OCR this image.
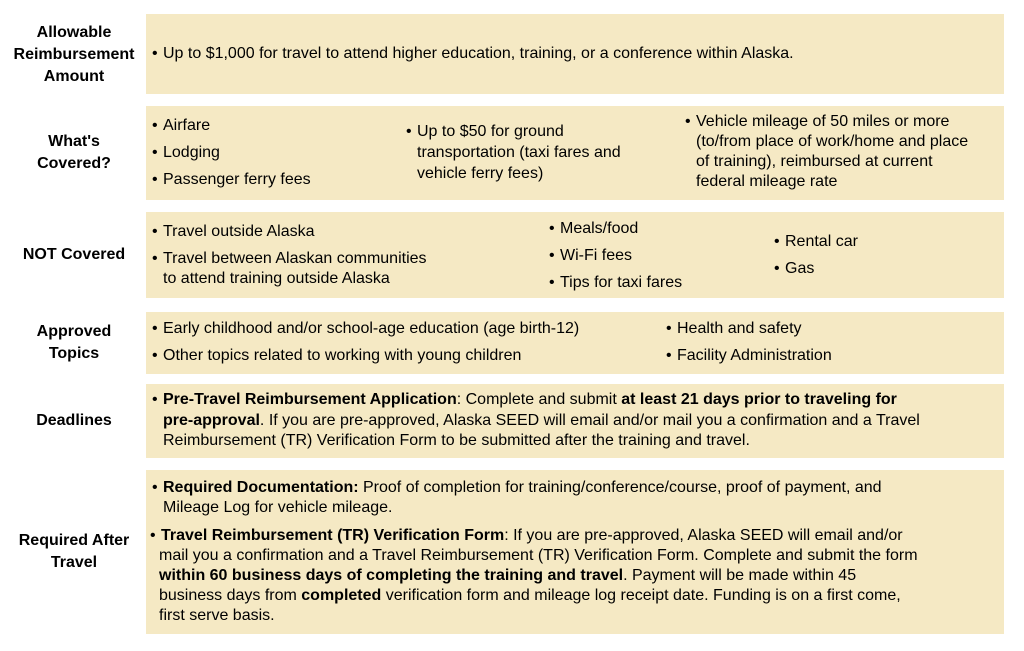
Allowable
Reimbursement
Amount
• Up to $1,000 for travel to attend higher education, training, or a conference within Alaska.
What's
Covered?
• Airfare
• Lodging
• Passenger ferry fees
• Up to $50 for ground
transportation (taxi fares and
vehicle ferry fees)
• Vehicle mileage of 50 miles or more
(to/from place of work/home and place
of training), reimbursed at current
federal mileage rate
NOT Covered
• Travel outside Alaska
• Travel between Alaskan communities
to attend training outside Alaska
• Meals/food
• Wi-Fi fees
• Tips for taxi fares
• Rental car
• Gas
Approved
Topics
• Early childhood and/or school-age education (age birth-12)
• Other topics related to working with young children
• Health and safety
• Facility Administration
Deadlines
• Pre-Travel Reimbursement Application: Complete and submit at least 21 days prior to traveling for
pre-approval. If you are pre-approved, Alaska SEED will email and/or mail you a confirmation and a Travel
Reimbursement (TR) Verification Form to be submitted after the training and travel.
Required After
Travel
• Required Documentation: Proof of completion for training/conference/course, proof of payment, and
Mileage Log for vehicle mileage.
• Travel Reimbursement (TR) Verification Form: If you are pre-approved, Alaska SEED will email and/or
mail you a confirmation and a Travel Reimbursement (TR) Verification Form. Complete and submit the form
within 60 business days of completing the training and travel. Payment will be made within 45
business days from completed verification form and mileage log receipt date. Funding is on a first come,
first serve basis.
